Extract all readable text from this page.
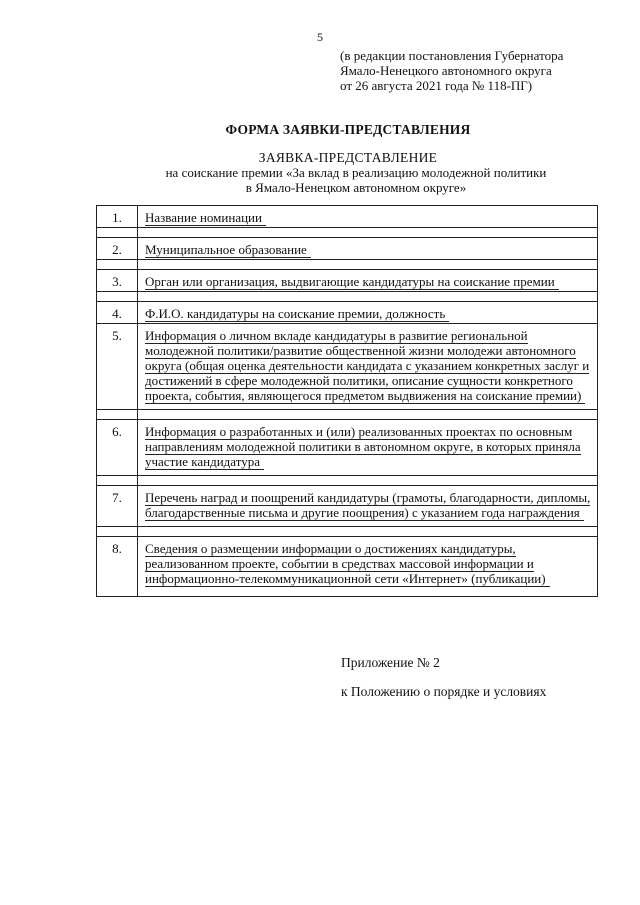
5
(в редакции постановления Губернатора
Ямало-Ненецкого автономного округа
от 26 августа 2021 года № 118-ПГ)
ФОРМА ЗАЯВКИ-ПРЕДСТАВЛЕНИЯ
ЗАЯВКА-ПРЕДСТАВЛЕНИЕ
на соискание премии «За вклад в реализацию молодежной политики
в Ямало-Ненецком автономном округе»
1.	Название номинации

2.	Муниципальное образование

3.	Орган или организация, выдвигающие кандидатуры на соискание премии

4.	Ф.И.О. кандидатуры на соискание премии, должность
5.	Информация о личном вкладе кандидатуры в развитие региональной молодежной политики/развитие общественной жизни молодежи автономного округа (общая оценка деятельности кандидата с указанием конкретных заслуг и достижений в сфере молодежной политики, описание сущности конкретного проекта, события, являющегося предметом выдвижения на соискание премии)

6.	Информация о разработанных и (или) реализованных проектах по основным направлениям молодежной политики в автономном округе, в которых приняла участие кандидатура

7.	Перечень наград и поощрений кандидатуры (грамоты, благодарности, дипломы, благодарственные письма и другие поощрения) с указанием года награждения

8.	Сведения о размещении информации о достижениях кандидатуры, реализованном проекте, событии в средствах массовой информации и информационно-телекоммуникационной сети «Интернет» (публикации)
Приложение № 2
к Положению о порядке и условиях
